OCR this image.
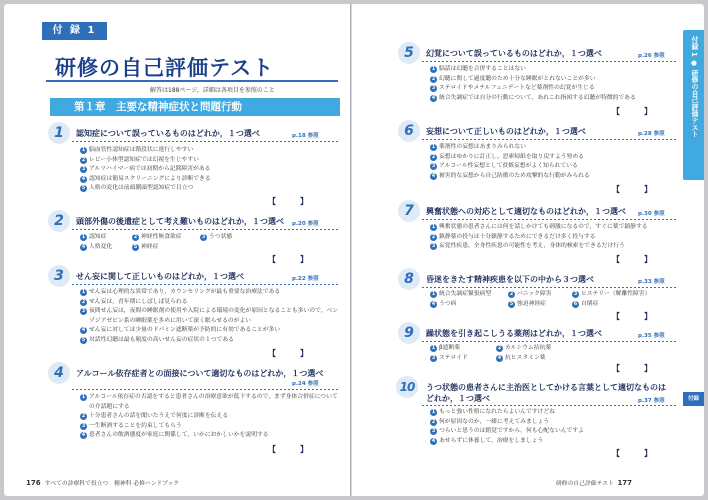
付 録 1
研修の自己評価テスト
解答は188ページ，詳細は各項目を参照のこと
第１章　主要な精神症状と問題行動
1	認知症について誤っているものはどれか，１つ選べ	p.18 参照
1 脳血管性認知症は階段状に進行しやすい
2 レビー小体型認知症では幻視を生じやすい
3 アルツハイマー病では初期から記銘障害がある
4 認知症は簡易スクリーニングにより診断できる
5 人格の変化は前頭側頭型認知症で目立つ
【　　　】
2	頭部外傷の後遺症として考え難いものはどれか，１つ選べ p.20 参照
1 認知症	2 神経性無食欲症	3 うつ状態
4 人格変化	5 神経症
【　　　】
3	せん妄に関して正しいものはどれか，１つ選べ	p.22 参照
1 せん妄は心理的な異常であり，カウンセリングが最も重要な治療法である
2 せん妄は，青年期にしばしば見られる
3 夜間せん妄は，夜間の睡眠剤の使用や入院による環境の変化が原因となることも多いので，ベンゾジアゼピン系の睡眠薬を多めに用いて深く眠らせるのがよい
4 せん妄に対しては少量のドパミン遮断薬が予防的に有効であることが多い
5 対話性幻聴は最も頻度の高いせん妄の症状の１つである
【　　　】
4	アルコール依存症者との面接について適切なものはどれか，１つ選べ
p.24 参照
1 アルコール依存症の否認をすると患者さんの治療意欲が低下するので，まず身体合併症についての介話題にする
2 十分患者さんの話を聞いたうえで何度に診断を伝える
3 一生断酒することを約束してもらう
4 患者さんの飲酒態度が家庭に関係して，いかにおかしいかを説明する
【　　　】
176 すべての診療科で役立つ　精神科 必修ハンドブック
5	幻覚について誤っているものはどれか，１つ選べ	p.26 参照
1 脳話は幻聴を合併することはない
2 幻聴に関して過度聴のため十分な睡眠がとれないことが多い
3 ステロイドやメチルフェニデートなど薬剤性の幻覚が生じる
4 統合失調症では自分の行動について，あれこれ指図する幻聴が特徴的である
【　　　】
6	妄想について正しいものはどれか，１つ選べ	p.28 参照
1 薬剤性の妄想はあまりみられない
2 妄想はゆかりに訂正し，思索帰紙を取り戻すよう努める
3 アルコール性妄想として貧嫉妄想がよく知られている
4 被害的な妄想から自己防衛のため攻撃的な行動がみられる
【　　　】
7	興奮状態への対応として適切なものはどれか，１つ選べ p.30 参照
1 興奮状態の患者さんには何を話しかけても刺激になるので，すぐに薬で鎮静する
2 鎮静薬の投与は十分鎮静するためにできるだけ多く投与する
3 妄覚性疾患，全身性疾患の可能性を考え，身体的検索をできるだけ行う
【　　　】
8	昏迷をきたす精神疾患を以下の中から３つ選べ	p.33 参照
1 統合失調症緊張病型	2 パニック障害	3 ヒステリー（解離性障害）
4 うつ病	5 強迫神経症	6 自閉症
【　　　】
9	躁状態を引き起こしうる薬剤はどれか，１つ選べ	p.35 参照
1 β遮断薬	2 カルシウム拮抗薬
3 ステロイド	4 抗ヒスタミン薬
【　　　】
10	うつ状態の患者さんに主治医としてかける言葉として適切なものは
どれか，１つ選べ	p.37 参照
1 もっと強い性格になれたらよいんですけどね
2 何が原因なのか，一緒に考えてみましょう
3 つらいと思うのは錯覚ですから，何も心配ないんですよ
4 あせらずに休養して，治療をしましょう
【　　　】
研修の自己評価テスト 177
付録 1 ● 研修の自己評価テスト
付録
